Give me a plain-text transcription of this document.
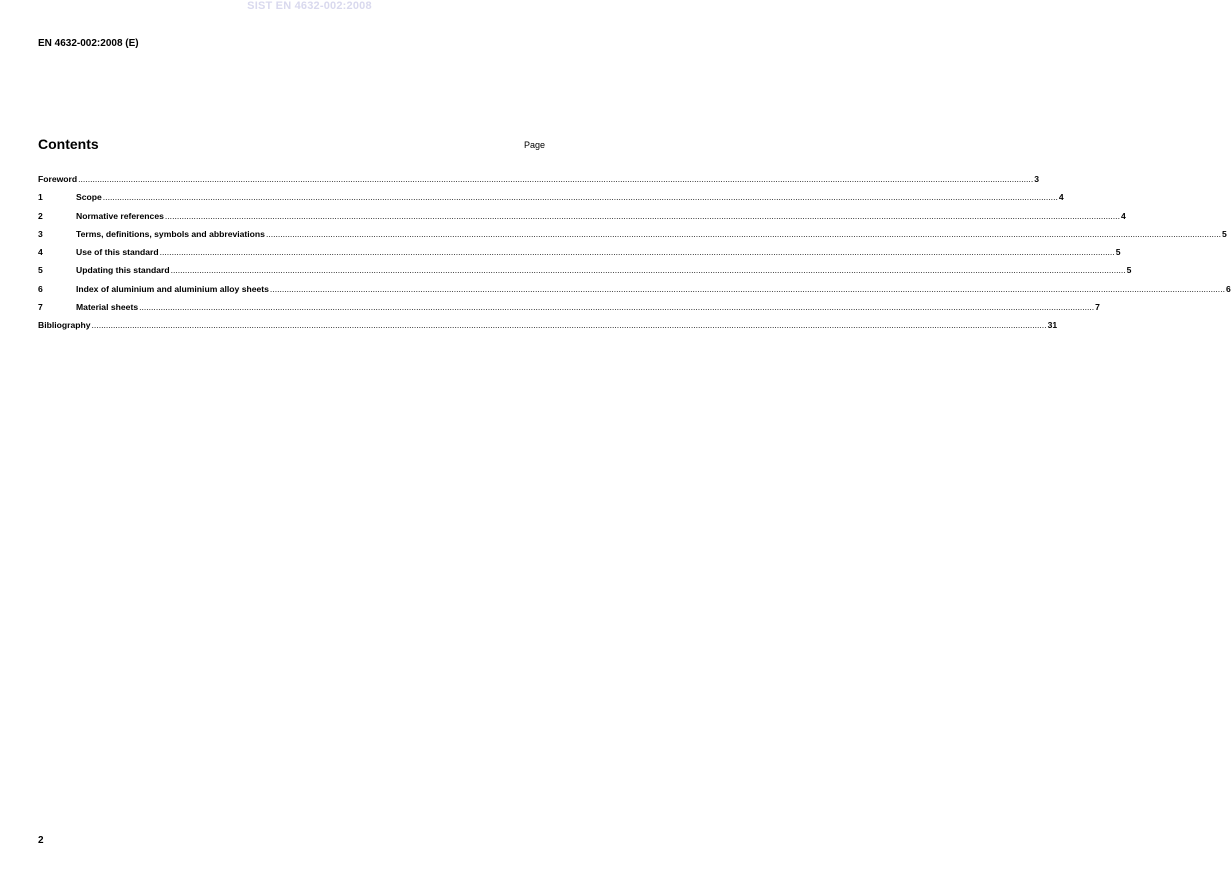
SIST EN 4632-002:2008
EN 4632-002:2008 (E)
Contents	Page
Foreword ................................................................................................................................................................................................................................................................................................................................................................................................................ 3
1	Scope ................................................................................................................................................................................................................................................................................................................................................................................................................ 4
2	Normative references ................................................................................................................................................................................................................................................................................................................................................................................................................ 4
3	Terms, definitions, symbols and abbreviations ................................................................................................................................................................................................................................................................................................................................................................................................................ 5
4	Use of this standard ................................................................................................................................................................................................................................................................................................................................................................................................................ 5
5	Updating this standard ................................................................................................................................................................................................................................................................................................................................................................................................................ 5
6	Index of aluminium and aluminium alloy sheets ................................................................................................................................................................................................................................................................................................................................................................................................................ 6
7	Material sheets ................................................................................................................................................................................................................................................................................................................................................................................................................ 7
Bibliography ................................................................................................................................................................................................................................................................................................................................................................................................................ 31
2
